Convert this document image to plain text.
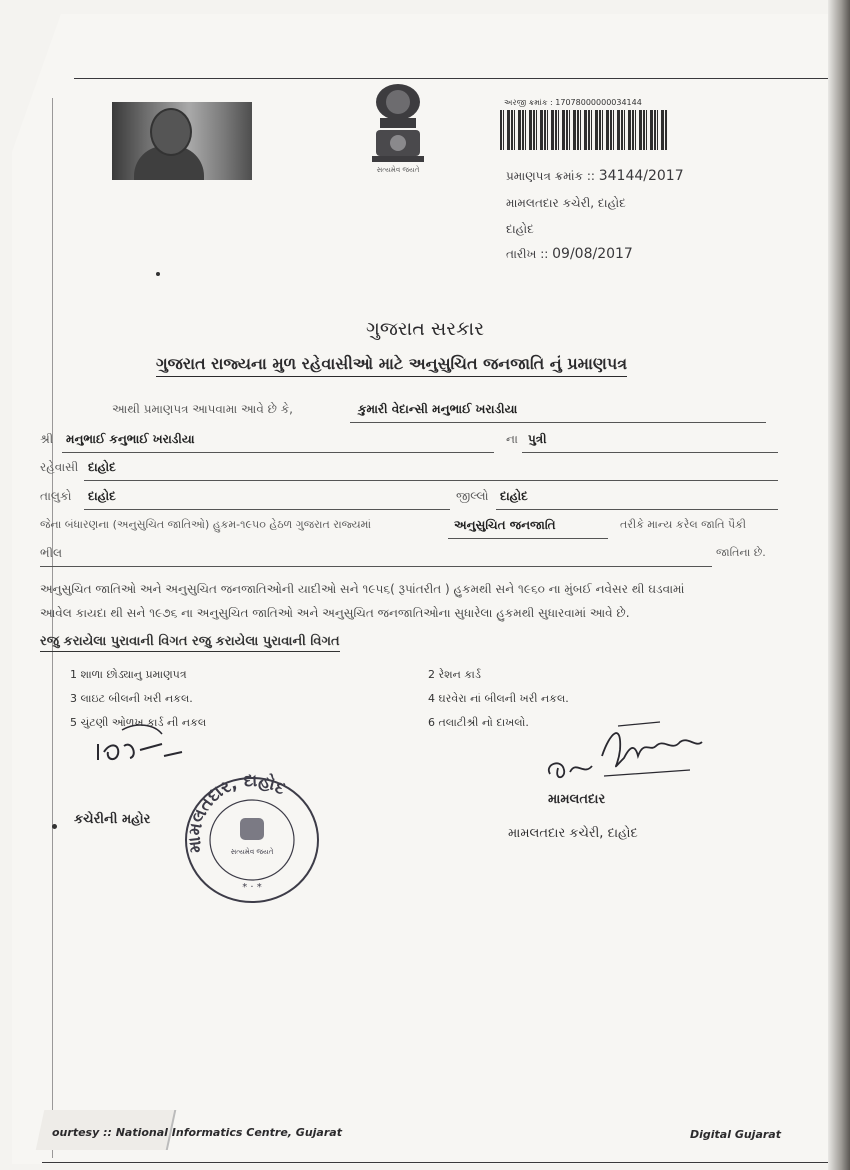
સત્યમેવ જયતે
અરજી ક્રમાંક : 17078000000034144
પ્રમાણપત્ર ક્રમાંક :: 34144/2017
મામલતદાર કચેરી, દાહોદ
દાહોદ
તારીખ :: 09/08/2017
ગુજરાત સરકાર
ગુજરાત રાજ્યના મુળ રહેવાસીઓ માટે અનુસુચિત જનજાતિ નું પ્રમાણપત્ર
આથી પ્રમાણપત્ર આપવામા આવે છે કે,	કુમારી વેદાન્સી મનુભાઈ ખરાડીયા
શ્રી મનુભાઈ કનુભાઈ ખરાડીયા	ના પુત્રી
રહેવાસી દાહોદ
તાલુકો દાહોદ	જીલ્લો દાહોદ
જેના બંધારણના (અનુસુચિત જાતિઓ) હુકમ-૧૯૫૦ હેઠળ ગુજરાત રાજ્યમાં	અનુસુચિત જનજાતિ	તરીકે માન્ય કરેલ જાતિ પૈકી
ભીલ	જાતિના છે.
અનુસુચિત જાતિઓ અને અનુસુચિત જનજાતિઓની યાદીઓ સને ૧૯૫૬( રૂપાંતરીત ) હુકમથી સને ૧૯૬૦ ના મુંબઈ નવેસર થી ઘડવામાં
આવેલ કાયદા થી સને ૧૯૭૬ ના અનુસુચિત જાતિઓ અને અનુસુચિત જનજાતિઓના સુધારેલા હુકમથી સુધારવામાં આવે છે.
રજુ કરાયેલા પુરાવાની વિગત રજુ કરાયેલા પુરાવાની વિગત
1 શાળા છોડ્યાનુ પ્રમાણપત્ર	2 રેશન કાર્ડ
3 લાઇટ બીલની ખરી નકલ.	4 ઘરવેરા નાં બીલની ખરી નકલ.
5 ચુંટણી ઓળખ કાર્ડ ની નકલ	6 તલાટીશ્રી નો દાખલો.
કચેરીની મહોર
મામલતદાર, દાહોદ
સત્યમેવ જયતે
* · *
મામલતદાર
મામલતદાર કચેરી, દાહોદ
ourtesy :: National Informatics Centre, Gujarat	Digital Gujarat
